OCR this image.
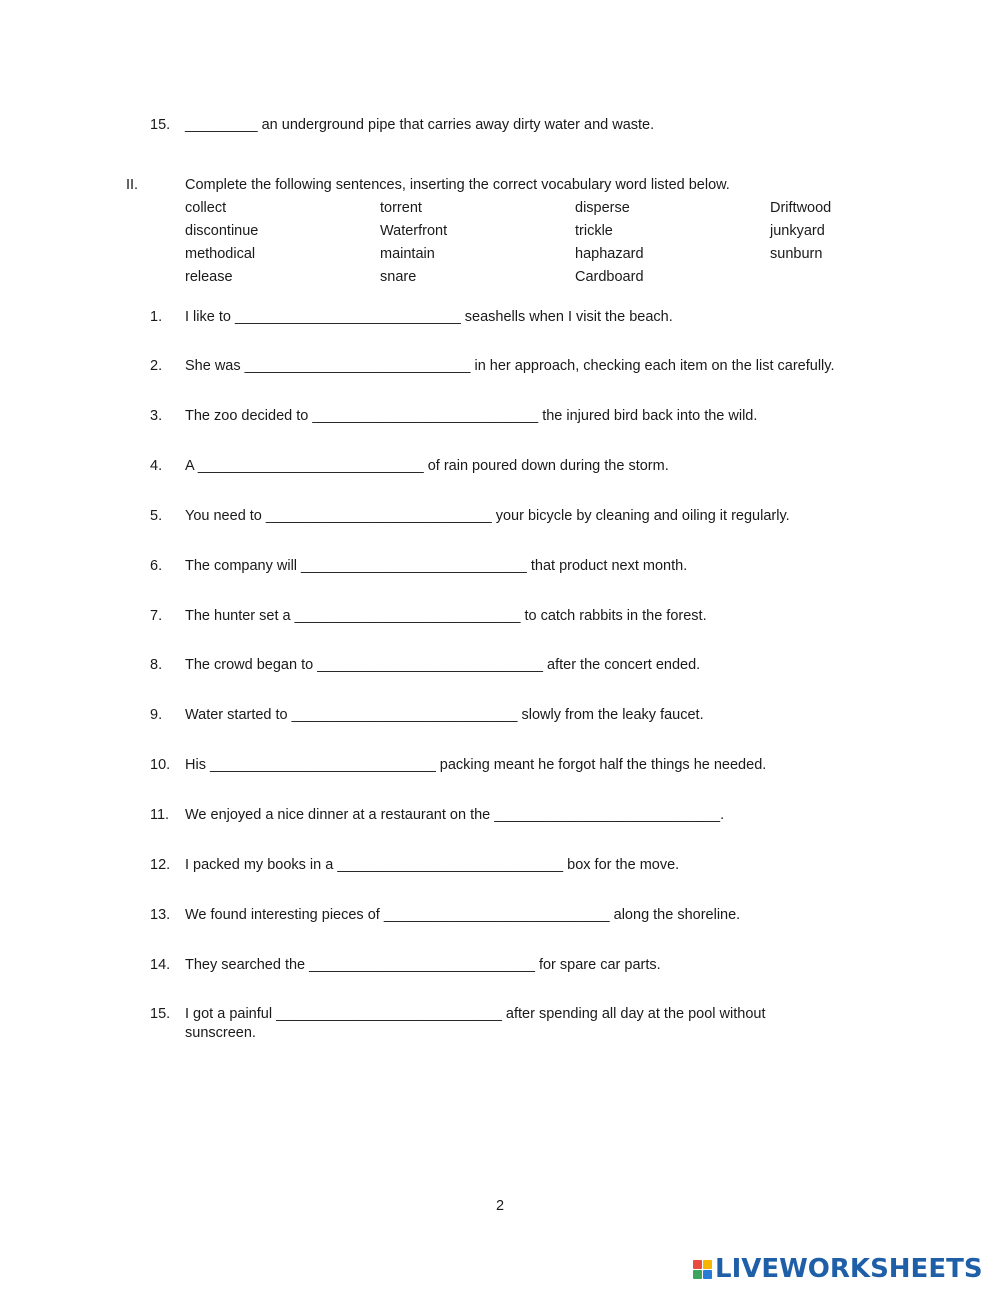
15. _________ an underground pipe that carries away dirty water and waste.
II.	Complete the following sentences, inserting the correct vocabulary word listed below.
collect	torrent	disperse	Driftwood
discontinue	Waterfront	trickle	junkyard
methodical	maintain	haphazard	sunburn
release	snare	Cardboard
1. I like to ____________________________ seashells when I visit the beach.
2. She was ____________________________ in her approach, checking each item on the list carefully.
3. The zoo decided to ____________________________ the injured bird back into the wild.
4. A ____________________________ of rain poured down during the storm.
5. You need to ____________________________ your bicycle by cleaning and oiling it regularly.
6. The company will ____________________________ that product next month.
7. The hunter set a ____________________________ to catch rabbits in the forest.
8. The crowd began to ____________________________ after the concert ended.
9. Water started to ____________________________ slowly from the leaky faucet.
10. His ____________________________ packing meant he forgot half the things he needed.
11. We enjoyed a nice dinner at a restaurant on the ____________________________.
12. I packed my books in a ____________________________ box for the move.
13. We found interesting pieces of ____________________________ along the shoreline.
14. They searched the ____________________________ for spare car parts.
15. I got a painful ____________________________ after spending all day at the pool without
sunscreen.
2
LIVEWORKSHEETS
